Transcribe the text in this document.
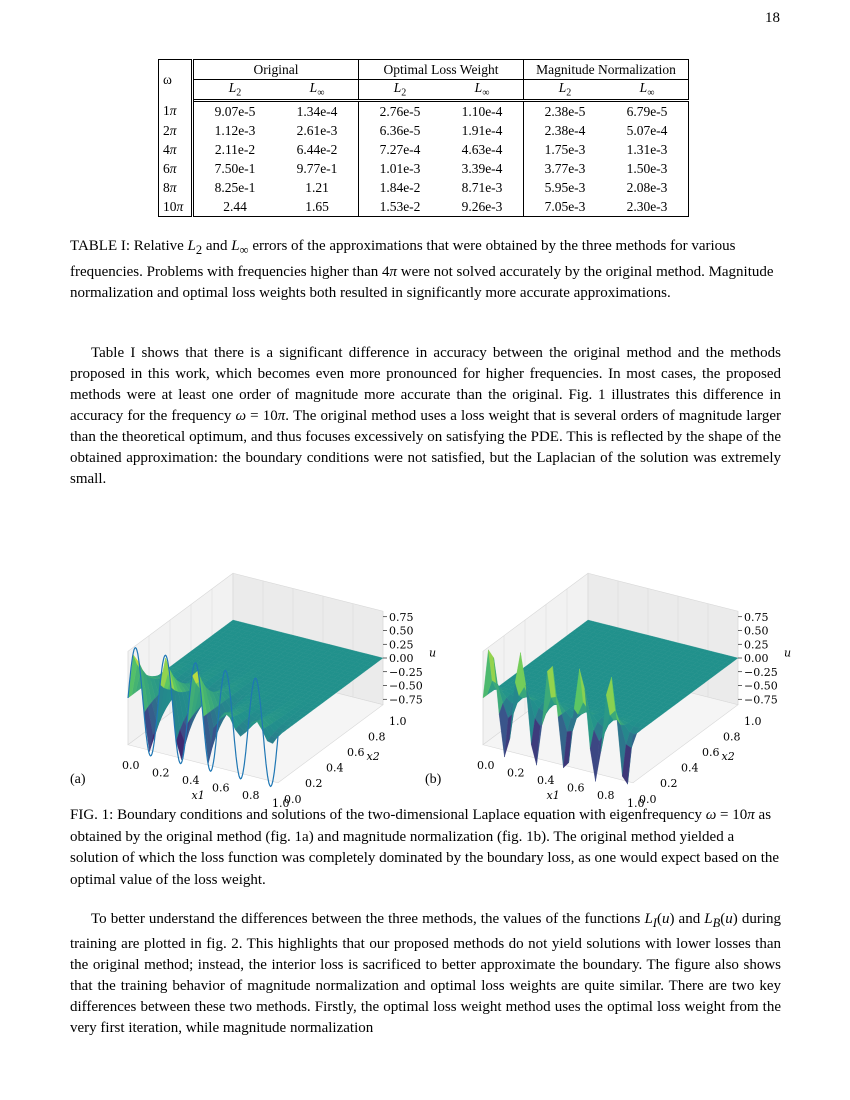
18
ω	Original		Optimal Loss Weight		Magnitude Normalization	
	$L_2$	$L_\infty$	$L_2$	$L_\infty$	$L_2$	$L_\infty$
1π	9.07e-5	1.34e-4	2.76e-5	1.10e-4	2.38e-5	6.79e-5
2π	1.12e-3	2.61e-3	6.36e-5	1.91e-4	2.38e-4	5.07e-4
4π	2.11e-2	6.44e-2	7.27e-4	4.63e-4	1.75e-3	1.31e-3
6π	7.50e-1	9.77e-1	1.01e-3	3.39e-4	3.77e-3	1.50e-3
8π	8.25e-1	1.21	1.84e-2	8.71e-3	5.95e-3	2.08e-3
10π	2.44	1.65	1.53e-2	9.26e-3	7.05e-3	2.30e-3
TABLE I: Relative $L_2$ and $L_\infty$ errors of the approximations that were obtained by the three methods for various frequencies. Problems with frequencies higher than 4π were not solved accurately by the original method. Magnitude normalization and optimal loss weights both resulted in significantly more accurate approximations.
Table I shows that there is a significant difference in accuracy between the original method and the methods proposed in this work, which becomes even more pronounced for higher frequencies. In most cases, the proposed methods were at least one order of magnitude more accurate than the original. Fig. 1 illustrates this difference in accuracy for the frequency ω = 10π. The original method uses a loss weight that is several orders of magnitude larger than the theoretical optimum, and thus focuses excessively on satisfying the PDE. This is reflected by the shape of the obtained approximation: the boundary conditions were not satisfied, but the Laplacian of the solution was extremely small.
0.75
0.50
0.25
0.00
−0.25
−0.50
−0.75
u
0.0
0.2
0.4
0.6
0.8
1.0
x1	0.0
0.2
0.4
0.6
0.8
1.0
x2
0.75
0.50
0.25
0.00
−0.25
−0.50
−0.75
u
0.0
0.2
0.4
0.6
0.8
1.0
x1	0.0
0.2
0.4
0.6
0.8
1.0
x2
(a)	(b)
FIG. 1: Boundary conditions and solutions of the two-dimensional Laplace equation with eigenfrequency ω = 10π as obtained by the original method (fig. 1a) and magnitude normalization (fig. 1b). The original method yielded a solution of which the loss function was completely dominated by the boundary loss, as one would expect based on the optimal value of the loss weight.
To better understand the differences between the three methods, the values of the functions $L_I(u)$ and $L_B(u)$ during training are plotted in fig. 2. This highlights that our proposed methods do not yield solutions with lower losses than the original method; instead, the interior loss is sacrificed to better approximate the boundary. The figure also shows that the training behavior of magnitude normalization and optimal loss weights are quite similar. There are two key differences between these two methods. Firstly, the optimal loss weight method uses the optimal loss weight from the very first iteration, while magnitude normalization
